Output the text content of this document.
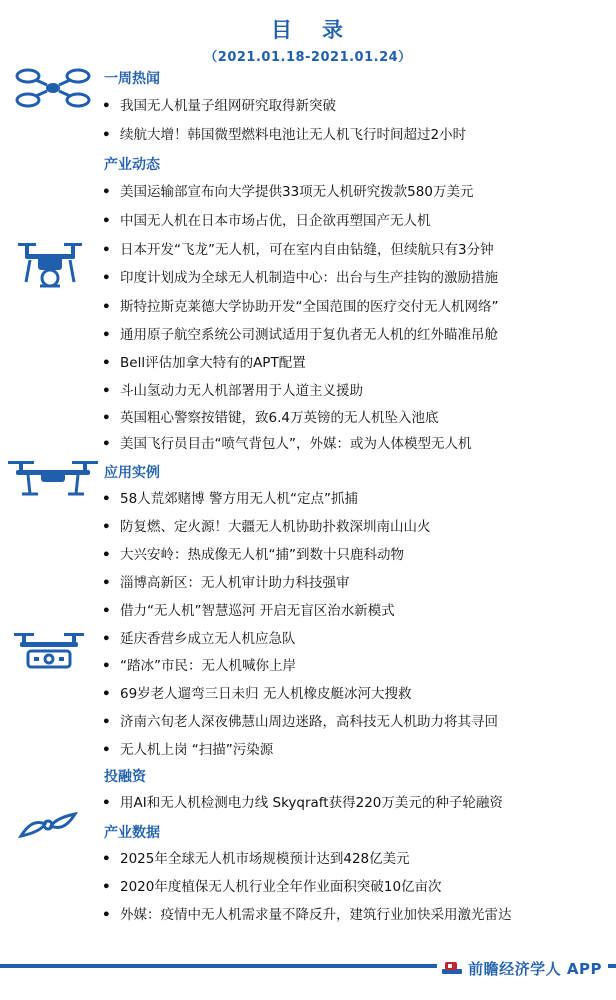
目 录
（2021.01.18-2021.01.24）
一周热闻
• 我国无人机量子组网研究取得新突破
• 续航大增！韩国微型燃料电池让无人机飞行时间超过2小时
产业动态
• 美国运输部宣布向大学提供33项无人机研究拨款580万美元
• 中国无人机在日本市场占优，日企欲再塑国产无人机
• 日本开发“飞龙”无人机，可在室内自由钻缝，但续航只有3分钟
• 印度计划成为全球无人机制造中心：出台与生产挂钩的激励措施
• 斯特拉斯克莱德大学协助开发“全国范围的医疗交付无人机网络”
• 通用原子航空系统公司测试适用于复仇者无人机的红外瞄准吊舱
• Bell评估加拿大特有的APT配置
• 斗山氢动力无人机部署用于人道主义援助
• 英国粗心警察按错键，致6.4万英镑的无人机坠入池底
• 美国飞行员目击“喷气背包人”，外媒：或为人体模型无人机
应用实例
• 58人荒郊赌博 警方用无人机“定点”抓捕
• 防复燃、定火源！大疆无人机协助扑救深圳南山山火
• 大兴安岭：热成像无人机“捕”到数十只鹿科动物
• 淄博高新区：无人机审计助力科技强审
• 借力“无人机”智慧巡河 开启无盲区治水新模式
• 延庆香营乡成立无人机应急队
• “踏冰”市民：无人机喊你上岸
• 69岁老人遛弯三日未归 无人机橡皮艇冰河大搜救
• 济南六旬老人深夜佛慧山周边迷路，高科技无人机助力将其寻回
• 无人机上岗 “扫描”污染源
投融资
• 用AI和无人机检测电力线 Skyqraft获得220万美元的种子轮融资
产业数据
• 2025年全球无人机市场规模预计达到428亿美元
• 2020年度植保无人机行业全年作业面积突破10亿亩次
• 外媒：疫情中无人机需求量不降反升，建筑行业加快采用激光雷达
前瞻经济学人 APP
